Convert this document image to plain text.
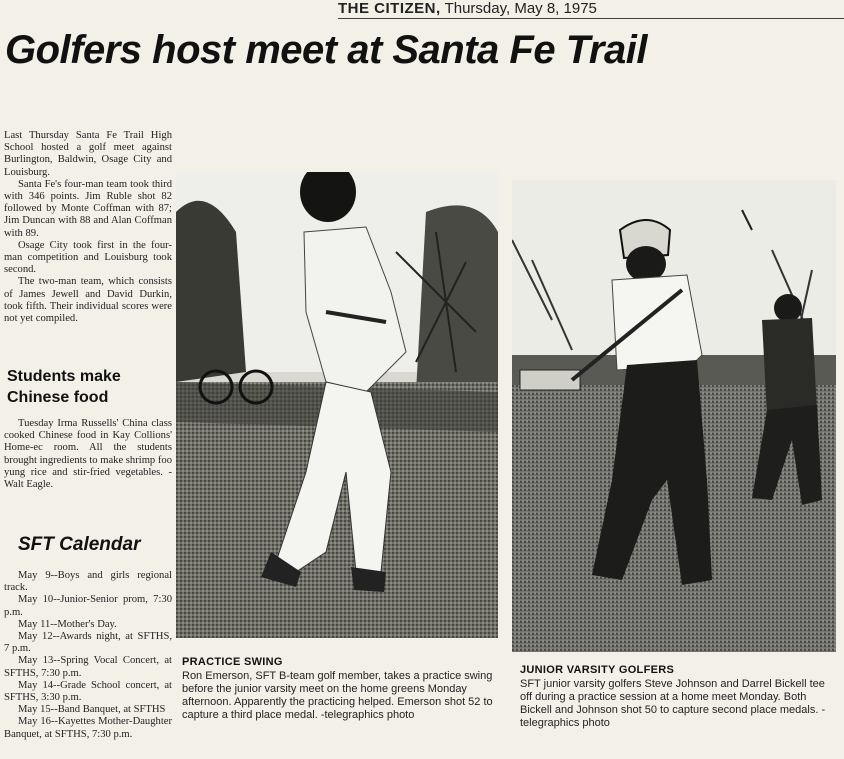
THE CITIZEN, Thursday, May 8, 1975
Golfers host meet at Santa Fe Trail

Last Thursday Santa Fe Trail High School hosted a golf meet against Burlington, Baldwin, Osage City and Louisburg.

Santa Fe's four-man team took third with 346 points. Jim Ruble shot 82 followed by Monte Coffman with 87; Jim Duncan with 88 and Alan Coffman with 89.

Osage City took first in the four-man competition and Louisburg took second.

The two-man team, which consists of James Jewell and David Durkin, took fifth. Their individual scores were not yet compiled.

Students make
Chinese food

Tuesday Irma Russells' China class cooked Chinese food in Kay Collions' Home-ec room. All the students brought ingredients to make shrimp foo yung rice and stir-fried vegetables. -Walt Eagle.

SFT Calendar
May 9--Boys and girls regional track.
May 10--Junior-Senior prom, 7:30 p.m.
May 11--Mother's Day.
May 12--Awards night, at SFTHS, 7 p.m.
May 13--Spring Vocal Concert, at SFTHS, 7:30 p.m.
May 14--Grade School concert, at SFTHS, 3:30 p.m.
May 15--Band Banquet, at SFTHS
May 16--Kayettes Mother-Daughter Banquet, at SFTHS, 7:30 p.m.
PRACTICE SWING
Ron Emerson, SFT B-team golf member, takes a practice swing before the junior varsity meet on the home greens Monday afternoon. Apparently the practicing helped. Emerson shot 52 to capture a third place medal. -telegraphics photo
JUNIOR VARSITY GOLFERS
SFT junior varsity golfers Steve Johnson and Darrel Bickell tee off during a practice session at a home meet Monday. Both Bickell and Johnson shot 50 to capture second place medals. -telegraphics photo
